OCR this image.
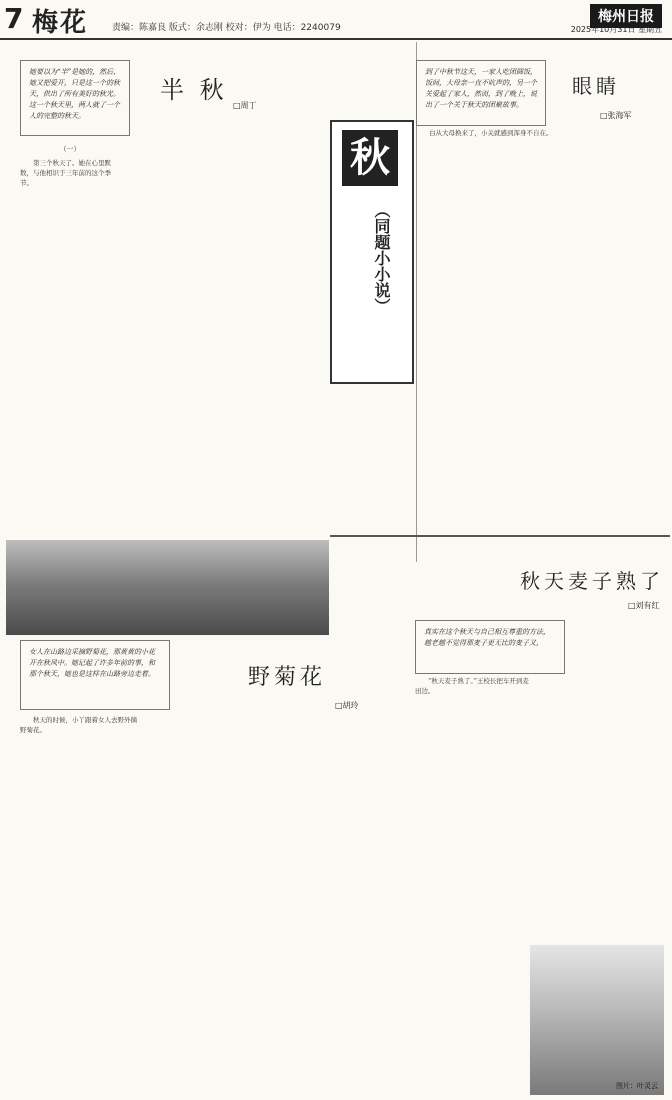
7 梅花	责编：陈嘉良 版式：余志刚 校对：伊为 电话：2240079
梅州日报
2025年10月31日 星期五
她要以为“半”是她的，然后，她又把爱开，只是这一个的秋天，供出了所有美好的秋光。这一个秋天里，两人就了一个人的完整的秋天。
半 秋
□周丁
（一）

第三个秋天了。她在心里默数，与他相识于三年前的这个季节。

秋
（同题小小说）
到了中秋节这天，一家人吃团圆饭，饭间，大母亲一直不吭声的，另一个关爱起了家人，然而，到了晚上，说出了一个关于秋天的团聚故事。
眼睛
□张海军

白从大母换来了，小关就感到浑身不自在。

秋天麦子熟了
□刘有红
真实在这个秋天与自己相互尊重的方法，越老越不觉得那麦子更无比的麦子又，

“秋天麦子熟了。”王校长把车开到麦田边。

女人在山路边采摘野菊花，那黄黄的小花开在秋风中。她记起了许多年前的事，和那个秋天，她也是这样在山路旁边走着。	野菊花
□胡玲

秋天的时候，小丫跟着女人去野外摘野菊花。

图片：叶灵云
